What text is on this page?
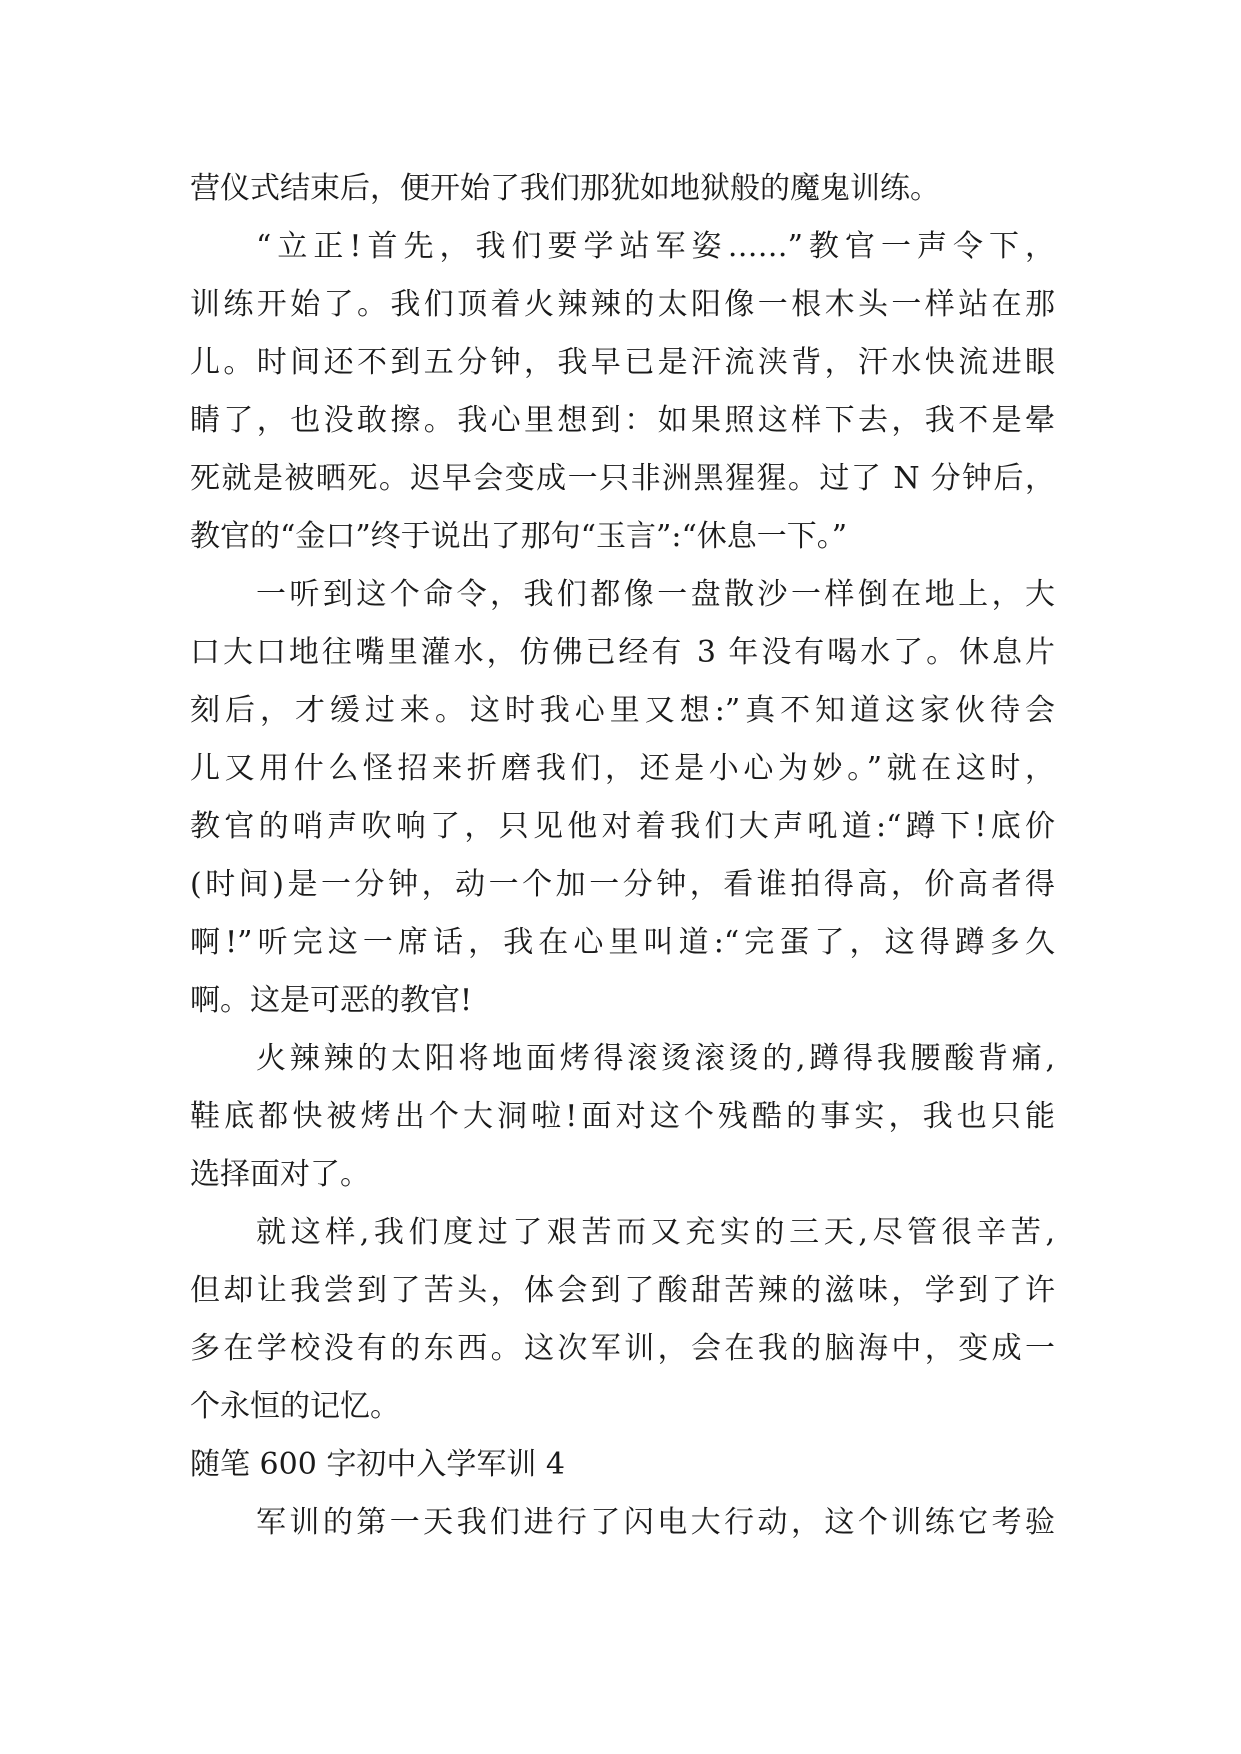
营仪式结束后，便开始了我们那犹如地狱般的魔鬼训练。
“立正!首先，我们要学站军姿……”教官一声令下，
训练开始了。我们顶着火辣辣的太阳像一根木头一样站在那
儿。时间还不到五分钟，我早已是汗流浃背，汗水快流进眼
睛了，也没敢擦。我心里想到：如果照这样下去，我不是晕
死就是被晒死。迟早会变成一只非洲黑猩猩。过了 N 分钟后，
教官的“金口”终于说出了那句“玉言”:“休息一下。”
一听到这个命令，我们都像一盘散沙一样倒在地上，大
口大口地往嘴里灌水，仿佛已经有 3 年没有喝水了。休息片
刻后，才缓过来。这时我心里又想:”真不知道这家伙待会
儿又用什么怪招来折磨我们，还是小心为妙。”就在这时，
教官的哨声吹响了，只见他对着我们大声吼道:“蹲下!底价
(时间)是一分钟，动一个加一分钟，看谁拍得高，价高者得
啊!”听完这一席话，我在心里叫道:“完蛋了，这得蹲多久
啊。这是可恶的教官!
火辣辣的太阳将地面烤得滚烫滚烫的,蹲得我腰酸背痛,
鞋底都快被烤出个大洞啦!面对这个残酷的事实，我也只能
选择面对了。
就这样,我们度过了艰苦而又充实的三天,尽管很辛苦,
但却让我尝到了苦头，体会到了酸甜苦辣的滋味，学到了许
多在学校没有的东西。这次军训，会在我的脑海中，变成一
个永恒的记忆。
随笔 600 字初中入学军训 4
军训的第一天我们进行了闪电大行动，这个训练它考验
